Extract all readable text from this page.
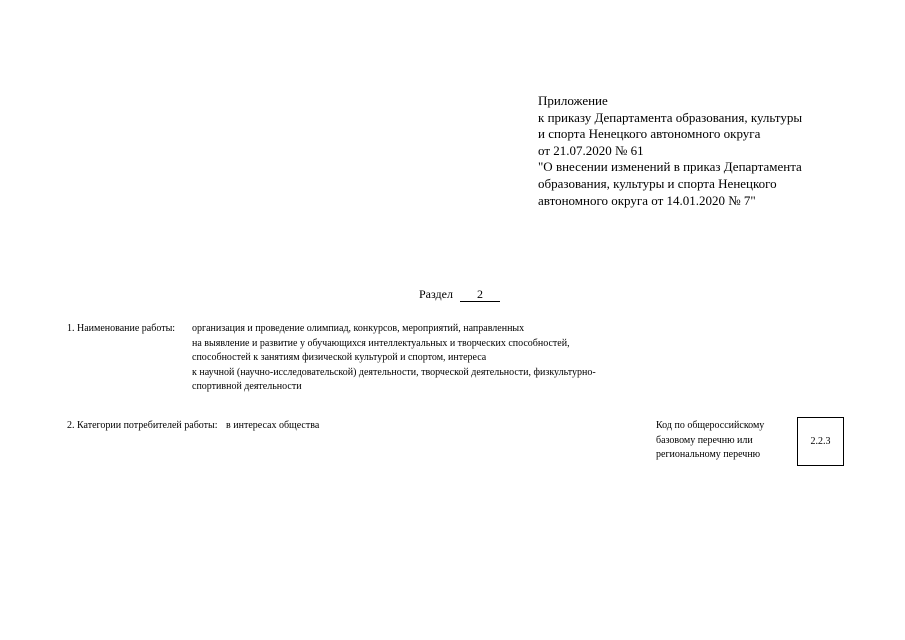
Приложение
к приказу Департамента образования, культуры
и спорта Ненецкого автономного округа
от 21.07.2020 № 61
"О внесении изменений в приказ Департамента
образования, культуры и спорта Ненецкого
автономного округа от 14.01.2020 № 7"
Раздел 2
1. Наименование работы: организация и проведение олимпиад, конкурсов, мероприятий, направленных
на выявление и развитие у обучающихся интеллектуальных и творческих способностей,
способностей к занятиям физической культурой и спортом, интереса
к научной (научно-исследовательской) деятельности, творческой деятельности, физкультурно-
спортивной деятельности
2. Категории потребителей работы: в интересах общества	Код по общероссийскому
базовому перечню или
региональному перечню
2.2.3
